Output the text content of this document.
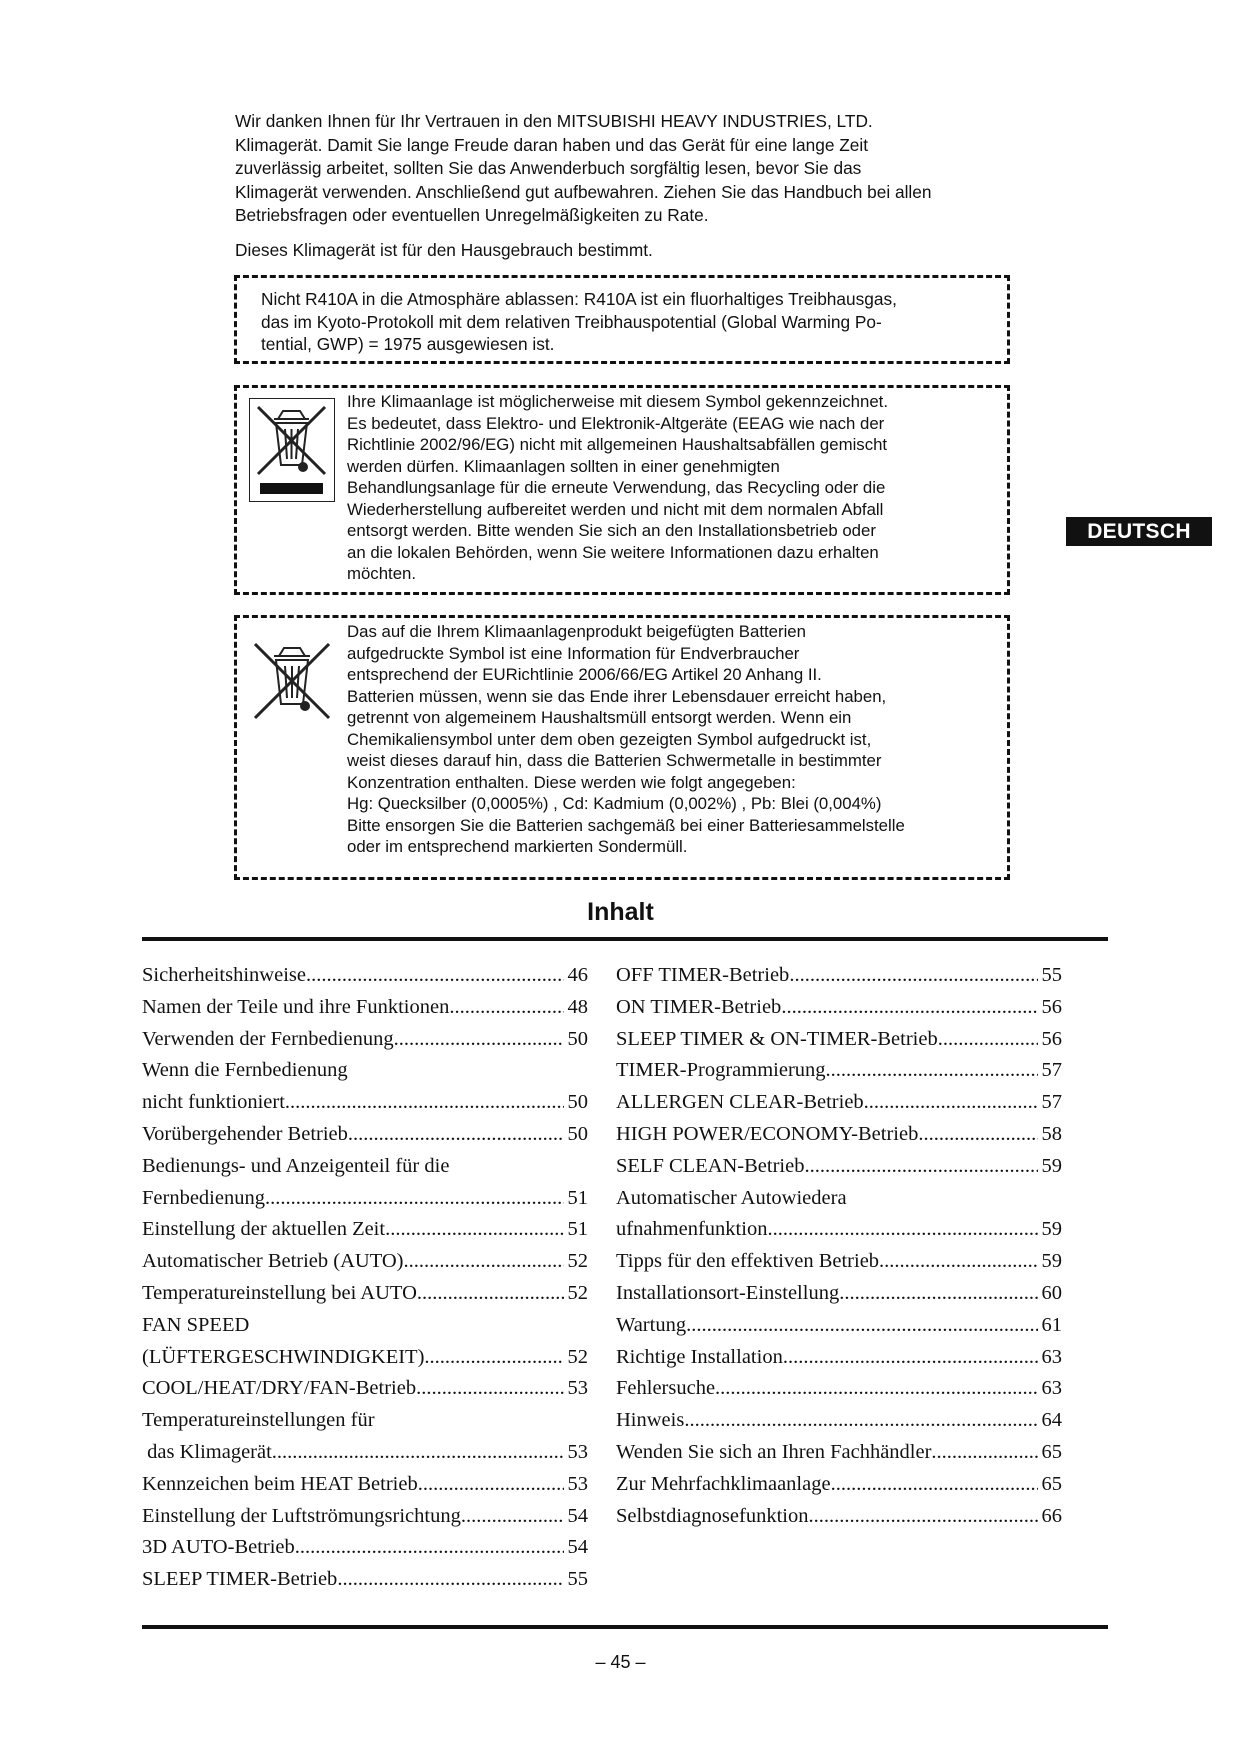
Wir danken Ihnen für Ihr Vertrauen in den MITSUBISHI HEAVY INDUSTRIES, LTD.

Klimagerät. Damit Sie lange Freude daran haben und das Gerät für eine lange Zeit

zuverlässig arbeitet, sollten Sie das Anwenderbuch sorgfältig lesen, bevor Sie das

Klimagerät verwenden. Anschließend gut aufbewahren. Ziehen Sie das Handbuch bei allen

Betriebsfragen oder eventuellen Unregelmäßigkeiten zu Rate.

Dieses Klimagerät ist für den Hausgebrauch bestimmt.
Nicht R410A in die Atmosphäre ablassen: R410A ist ein fluorhaltiges Treibhausgas,
das im Kyoto-Protokoll mit dem relativen Treibhauspotential (Global Warming Po-
tential, GWP) = 1975 ausgewiesen ist.
Ihre Klimaanlage ist möglicherweise mit diesem Symbol gekennzeichnet.
Es bedeutet, dass Elektro- und Elektronik-Altgeräte (EEAG wie nach der
Richtlinie 2002/96/EG) nicht mit allgemeinen Haushaltsabfällen gemischt
werden dürfen. Klimaanlagen sollten in einer genehmigten
Behandlungsanlage für die erneute Verwendung, das Recycling oder die
Wiederherstellung aufbereitet werden und nicht mit dem normalen Abfall
entsorgt werden. Bitte wenden Sie sich an den Installationsbetrieb oder
an die lokalen Behörden, wenn Sie weitere Informationen dazu erhalten
möchten.
Das auf die Ihrem Klimaanlagenprodukt beigefügten Batterien
aufgedruckte Symbol ist eine Information für Endverbraucher
entsprechend der EURichtlinie 2006/66/EG Artikel 20 Anhang II.
Batterien müssen, wenn sie das Ende ihrer Lebensdauer erreicht haben,
getrennt von algemeinem Haushaltsmüll entsorgt werden. Wenn ein
Chemikaliensymbol unter dem oben gezeigten Symbol aufgedruckt ist,
weist dieses darauf hin, dass die Batterien Schwermetalle in bestimmter
Konzentration enthalten. Diese werden wie folgt angegeben:
Hg: Quecksilber (0,0005%) , Cd: Kadmium (0,002%) , Pb: Blei (0,004%)
Bitte ensorgen Sie die Batterien sachgemäß bei einer Batteriesammelstelle
oder im entsprechend markierten Sondermüll.
DEUTSCH
Inhalt
Sicherheitshinweise .....	46
Namen der Teile und ihre Funktionen .....	48
Verwenden der Fernbedienung .....	50
Wenn die Fernbedienung
nicht funktioniert .....	50
Vorübergehender Betrieb .....	50
Bedienungs- und Anzeigenteil für die
Fernbedienung .....	51
Einstellung der aktuellen Zeit .....	51
Automatischer Betrieb (AUTO) .....	52
Temperatureinstellung bei AUTO .....	52
FAN SPEED
(LÜFTERGESCHWINDIGKEIT) .....	52
COOL/HEAT/DRY/FAN-Betrieb .....	53
Temperatureinstellungen für
das Klimagerät .....	53
Kennzeichen beim HEAT Betrieb .....	53
Einstellung der Luftströmungsrichtung .....	54
3D AUTO-Betrieb .....	54
SLEEP TIMER-Betrieb .....	55
OFF TIMER-Betrieb .....	55
ON TIMER-Betrieb .....	56
SLEEP TIMER & ON-TIMER-Betrieb .....	56
TIMER-Programmierung .....	57
ALLERGEN CLEAR-Betrieb .....	57
HIGH POWER/ECONOMY-Betrieb .....	58
SELF CLEAN-Betrieb .....	59
Automatischer Autowiedera
ufnahmenfunktion .....	59
Tipps für den effektiven Betrieb .....	59
Installationsort-Einstellung .....	60
Wartung .....	61
Richtige Installation .....	63
Fehlersuche .....	63
Hinweis .....	64
Wenden Sie sich an Ihren Fachhändler .....	65
Zur Mehrfachklimaanlage .....	65
Selbstdiagnosefunktion .....	66
– 45 –
